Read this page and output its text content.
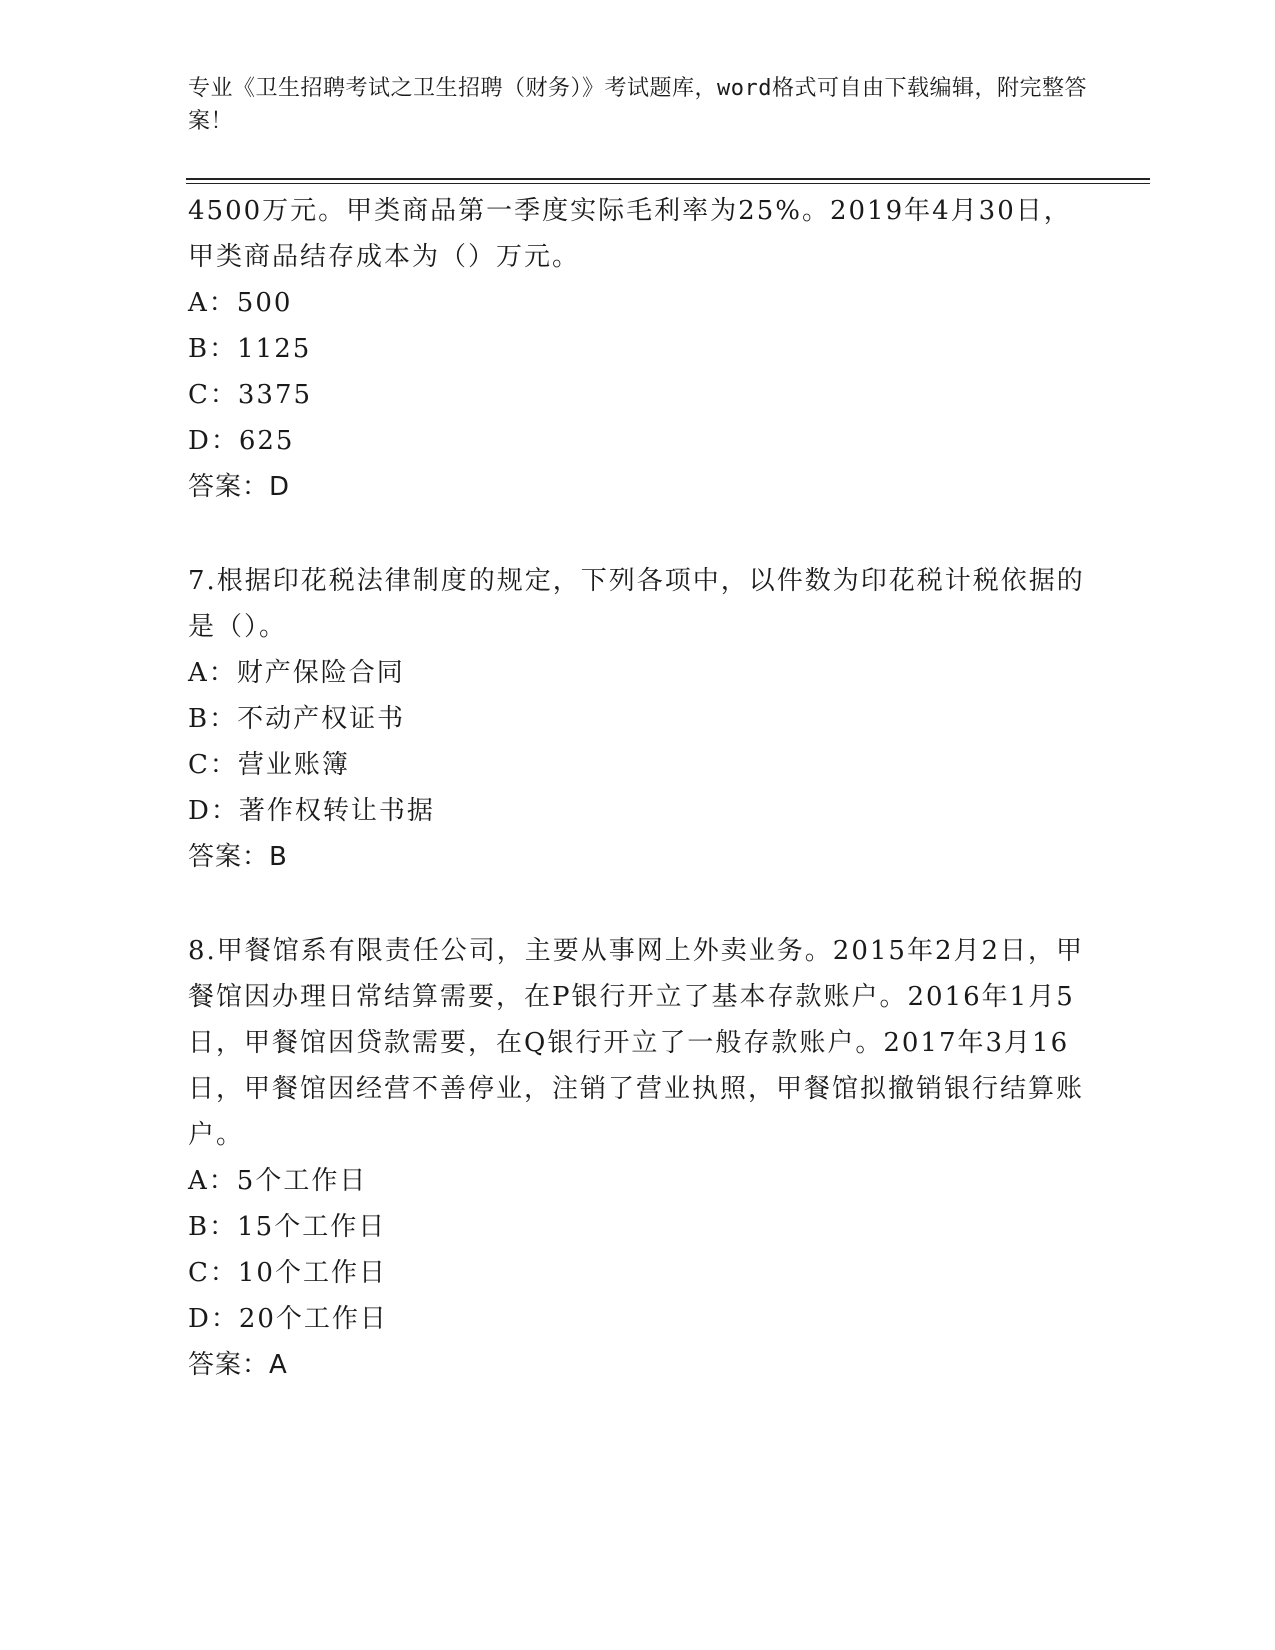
专业《卫生招聘考试之卫生招聘（财务）》考试题库，word格式可自由下载编辑，附完整答案！

4500万元。甲类商品第一季度实际毛利率为25%。2019年4月30日，甲类商品结存成本为（）万元。

A：500

B：1125

C：3375

D：625

答案：D

7.根据印花税法律制度的规定，下列各项中，以件数为印花税计税依据的是（）。

A：财产保险合同

B：不动产权证书

C：营业账簿

D：著作权转让书据

答案：B

8.甲餐馆系有限责任公司，主要从事网上外卖业务。2015年2月2日，甲餐馆因办理日常结算需要，在P银行开立了基本存款账户。2016年1月5日，甲餐馆因贷款需要，在Q银行开立了一般存款账户。2017年3月16日，甲餐馆因经营不善停业，注销了营业执照，甲餐馆拟撤销银行结算账户。

A：5个工作日

B：15个工作日

C：10个工作日

D：20个工作日

答案：A
